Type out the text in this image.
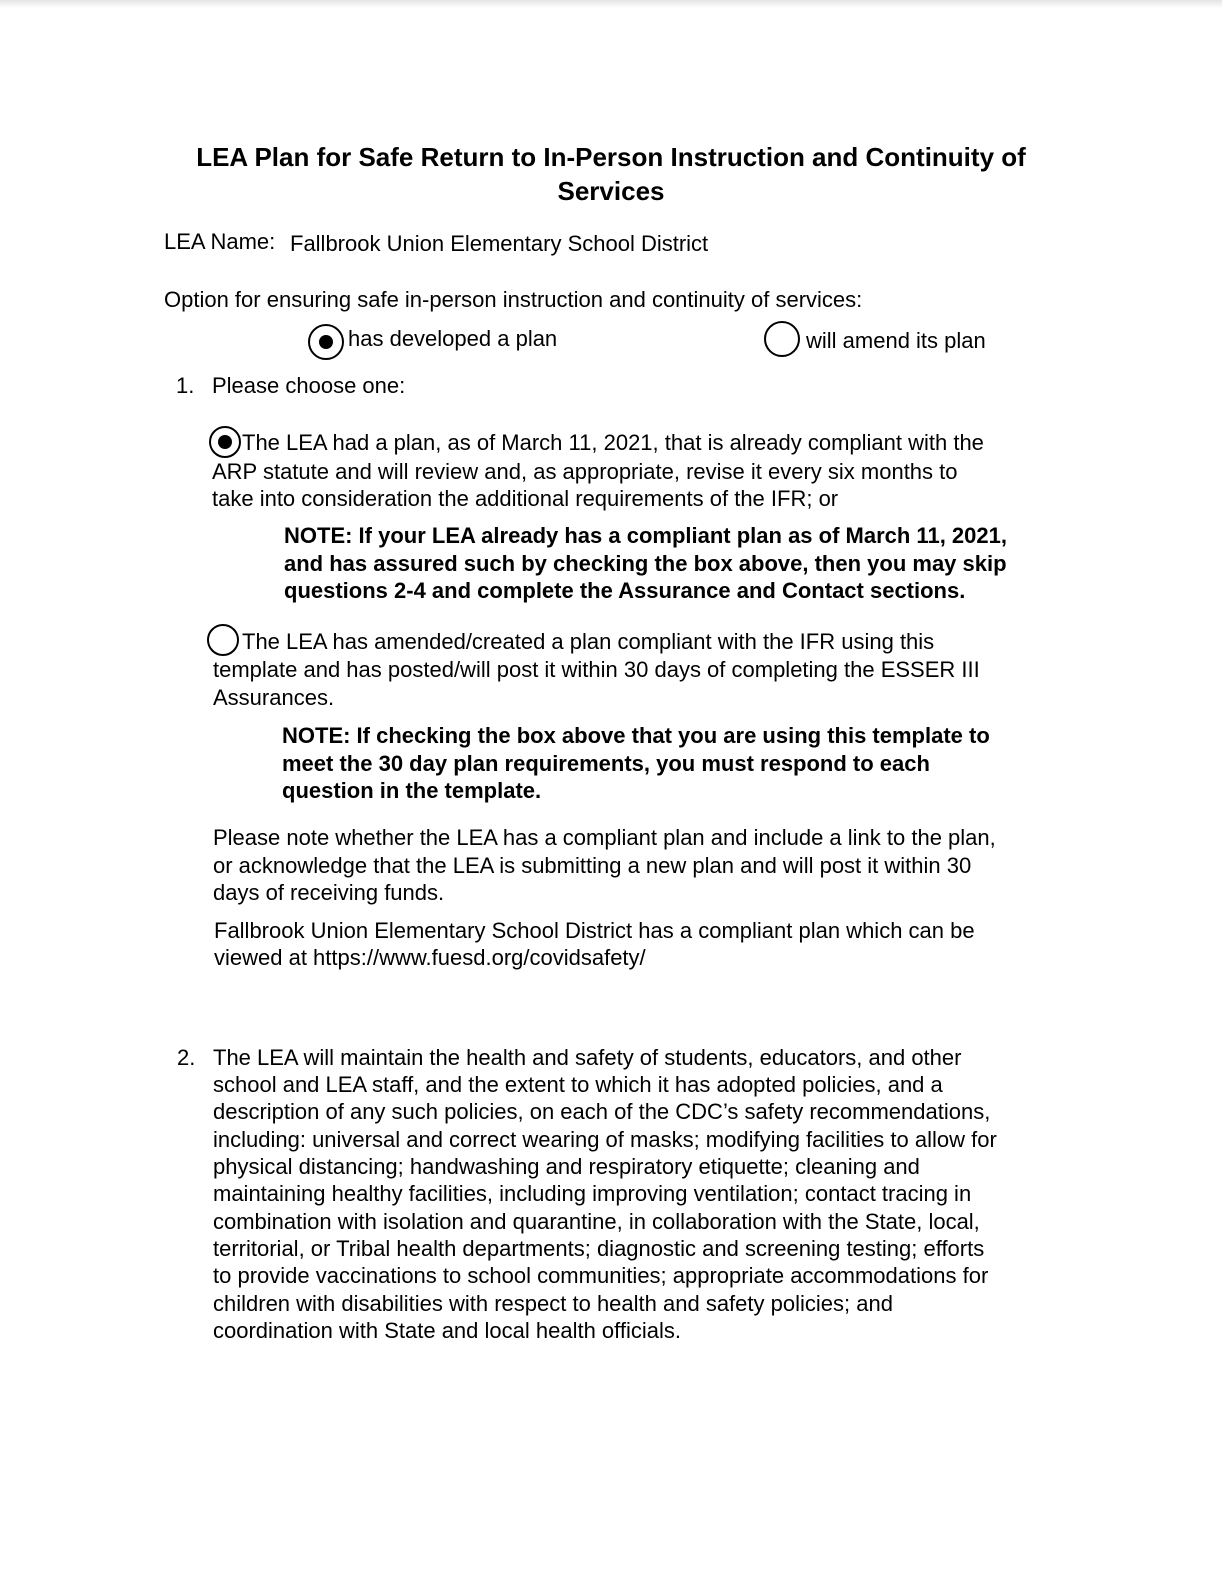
LEA Plan for Safe Return to In-Person Instruction and Continuity of Services
LEA Name: Fallbrook Union Elementary School District
Option for ensuring safe in-person instruction and continuity of services:
has developed a plan	will amend its plan
1. Please choose one:
The LEA had a plan, as of March 11, 2021, that is already compliant with the
ARP statute and will review and, as appropriate, revise it every six months to
take into consideration the additional requirements of the IFR; or
NOTE: If your LEA already has a compliant plan as of March 11, 2021,
and has assured such by checking the box above, then you may skip
questions 2-4 and complete the Assurance and Contact sections.
The LEA has amended/created a plan compliant with the IFR using this
template and has posted/will post it within 30 days of completing the ESSER III
Assurances.
NOTE: If checking the box above that you are using this template to
meet the 30 day plan requirements, you must respond to each
question in the template.
Please note whether the LEA has a compliant plan and include a link to the plan,
or acknowledge that the LEA is submitting a new plan and will post it within 30
days of receiving funds.
Fallbrook Union Elementary School District has a compliant plan which can be
viewed at https://www.fuesd.org/covidsafety/
2. The LEA will maintain the health and safety of students, educators, and other
school and LEA staff, and the extent to which it has adopted policies, and a
description of any such policies, on each of the CDC’s safety recommendations,
including: universal and correct wearing of masks; modifying facilities to allow for
physical distancing; handwashing and respiratory etiquette; cleaning and
maintaining healthy facilities, including improving ventilation; contact tracing in
combination with isolation and quarantine, in collaboration with the State, local,
territorial, or Tribal health departments; diagnostic and screening testing; efforts
to provide vaccinations to school communities; appropriate accommodations for
children with disabilities with respect to health and safety policies; and
coordination with State and local health officials.
